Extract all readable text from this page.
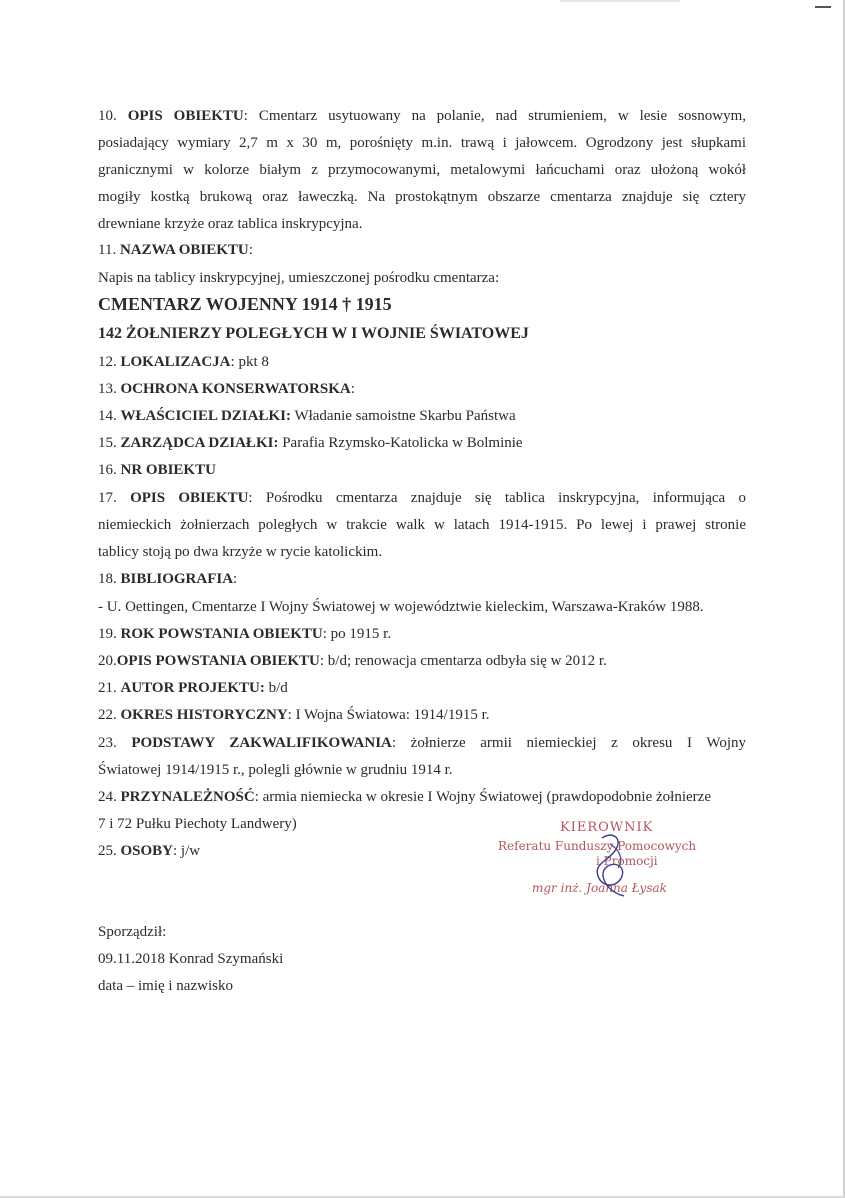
10. OPIS OBIEKTU: Cmentarz usytuowany na polanie, nad strumieniem, w lesie sosnowym,
posiadający wymiary 2,7 m x 30 m, porośnięty m.in. trawą i jałowcem. Ogrodzony jest słupkami
granicznymi w kolorze białym z przymocowanymi, metalowymi łańcuchami oraz ułożoną wokół
mogiły kostką brukową oraz ławeczką. Na prostokątnym obszarze cmentarza znajduje się cztery
drewniane krzyże oraz tablica inskrypcyjna.
11. NAZWA OBIEKTU:
Napis na tablicy inskrypcyjnej, umieszczonej pośrodku cmentarza:
CMENTARZ WOJENNY 1914 † 1915
142 ŻOŁNIERZY POLEGŁYCH W I WOJNIE ŚWIATOWEJ
12. LOKALIZACJA: pkt 8
13. OCHRONA KONSERWATORSKA:
14. WŁAŚCICIEL DZIAŁKI: Władanie samoistne Skarbu Państwa
15. ZARZĄDCA DZIAŁKI: Parafia Rzymsko-Katolicka w Bolminie
16. NR OBIEKTU
17. OPIS OBIEKTU: Pośrodku cmentarza znajduje się tablica inskrypcyjna, informująca o
niemieckich żołnierzach poległych w trakcie walk w latach 1914-1915. Po lewej i prawej stronie
tablicy stoją po dwa krzyże w rycie katolickim.
18. BIBLIOGRAFIA:
- U. Oettingen, Cmentarze I Wojny Światowej w województwie kieleckim, Warszawa-Kraków 1988.
19. ROK POWSTANIA OBIEKTU: po 1915 r.
20.OPIS POWSTANIA OBIEKTU: b/d; renowacja cmentarza odbyła się w 2012 r.
21. AUTOR PROJEKTU: b/d
22. OKRES HISTORYCZNY: I Wojna Światowa: 1914/1915 r.
23. PODSTAWY ZAKWALIFIKOWANIA: żołnierze armii niemieckiej z okresu I Wojny
Światowej 1914/1915 r., polegli głównie w grudniu 1914 r.
24. PRZYNALEŻNOŚĆ: armia niemiecka w okresie I Wojny Światowej (prawdopodobnie żołnierze
7 i 72 Pułku Piechoty Landwery)
25. OSOBY: j/w
KIEROWNIK
Referatu Funduszy Pomocowych
i Promocji
mgr inż. Joanna Łysak
Sporządził:
09.11.2018 Konrad Szymański
data – imię i nazwisko
